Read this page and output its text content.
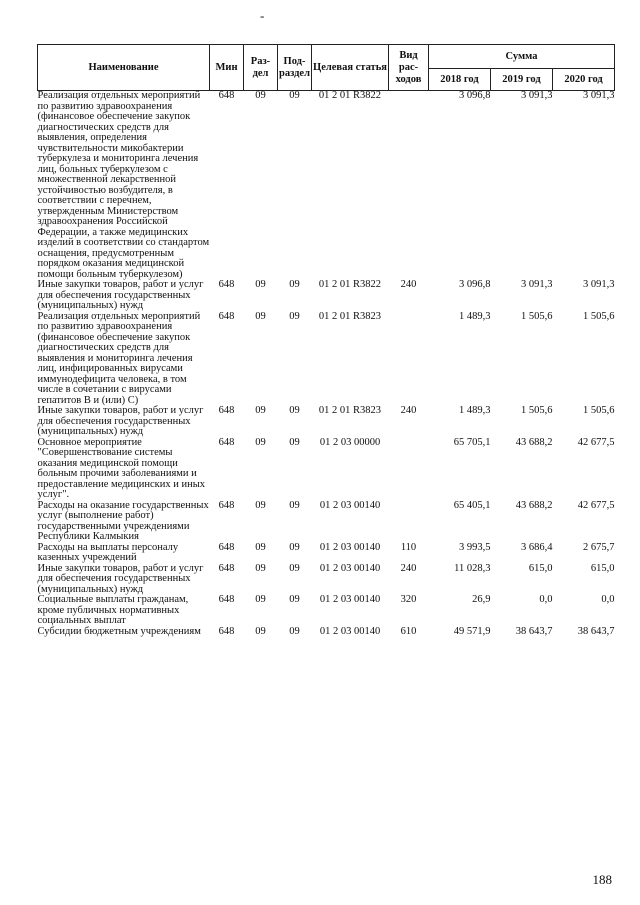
-
Наименование	Мин	Раз-дел	Под-раздел	Целевая статья	Вид рас-ходов	Сумма		
						2018 год	2019 год	2020 год
Реализация отдельных мероприятий по развитию здравоохранения (финансовое обеспечение закупок диагностических средств для выявления, определения чувствительности микобактерии туберкулеза и мониторинга лечения лиц, больных туберкулезом с множественной лекарственной устойчивостью возбудителя, в соответствии с перечнем, утвержденным Министерством здравоохранения Российской Федерации, а также медицинских изделий в соответствии со стандартом оснащения, предусмотренным порядком оказания медицинской помощи больным туберкулезом)	648	09	09	01 2 01 R3822		3 096,8	3 091,3	3 091,3
Иные закупки товаров, работ и услуг для обеспечения государственных (муниципальных) нужд	648	09	09	01 2 01 R3822	240	3 096,8	3 091,3	3 091,3
Реализация отдельных мероприятий по развитию здравоохранения (финансовое обеспечение закупок диагностических средств для выявления и мониторинга лечения лиц, инфицированных вирусами иммунодефицита человека, в том числе в сочетании с вирусами гепатитов В и (или) С)	648	09	09	01 2 01 R3823		1 489,3	1 505,6	1 505,6
Иные закупки товаров, работ и услуг для обеспечения государственных (муниципальных) нужд	648	09	09	01 2 01 R3823	240	1 489,3	1 505,6	1 505,6
Основное мероприятие "Совершенствование системы оказания медицинской помощи больным прочими заболеваниями и предоставление медицинских и иных услуг".	648	09	09	01 2 03 00000		65 705,1	43 688,2	42 677,5
Расходы на оказание государственных услуг (выполнение работ) государственными учреждениями Республики Калмыкия	648	09	09	01 2 03 00140		65 405,1	43 688,2	42 677,5
Расходы на выплаты персоналу казенных учреждений	648	09	09	01 2 03 00140	110	3 993,5	3 686,4	2 675,7
Иные закупки товаров, работ и услуг для обеспечения государственных (муниципальных) нужд	648	09	09	01 2 03 00140	240	11 028,3	615,0	615,0
Социальные выплаты гражданам, кроме публичных нормативных социальных выплат	648	09	09	01 2 03 00140	320	26,9	0,0	0,0
Субсидии бюджетным учреждениям	648	09	09	01 2 03 00140	610	49 571,9	38 643,7	38 643,7
188
